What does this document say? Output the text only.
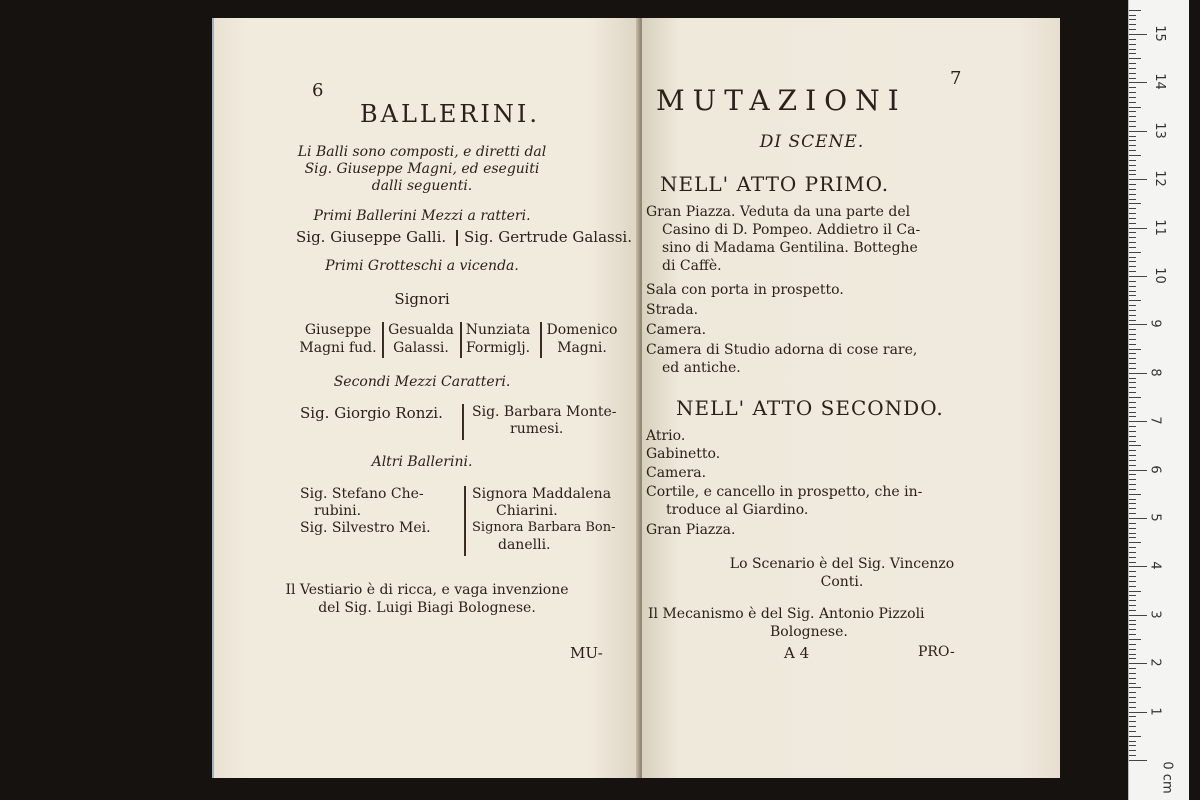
6
BALLERINI.
Li Balli sono composti, e diretti dal
Sig. Giuseppe Magni, ed eseguiti
dalli seguenti.
Primi Ballerini Mezzi a ratteri.
Sig. Giuseppe Galli. Sig. Gertrude Galassi.
Primi Grotteschi a vicenda.
Signori
Giuseppe
Magni fud.
Gesualda
Galassi.
Nunziata
Formiglj.
Domenico
Magni.
Secondi Mezzi Caratteri.
Sig. Giorgio Ronzi. Sig. Barbara Monte-
rumesi.
Altri Ballerini.
Sig. Stefano Che-
rubini.
Sig. Silvestro Mei.
Signora Maddalena
Chiarini.
Signora Barbara Bon-
danelli.
Il Vestiario è di ricca, e vaga invenzione
del Sig. Luigi Biagi Bolognese.
MU-
7
MUTAZIONI
DI SCENE.
NELL' ATTO PRIMO.
Gran Piazza. Veduta da una parte del
Casino di D. Pompeo. Addietro il Ca-
sino di Madama Gentilina. Botteghe
di Caffè.
Sala con porta in prospetto.
Strada.
Camera.
Camera di Studio adorna di cose rare,
ed antiche.
NELL' ATTO SECONDO.
Atrio.
Gabinetto.
Camera.
Cortile, e cancello in prospetto, che in-
troduce al Giardino.
Gran Piazza.
Lo Scenario è del Sig. Vincenzo
Conti.
Il Mecanismo è del Sig. Antonio Pizzoli
Bolognese.
A 4	PRO-
0 cm
1
2
3
4
5
6
7
8
9
10
11
12
13
14
15
